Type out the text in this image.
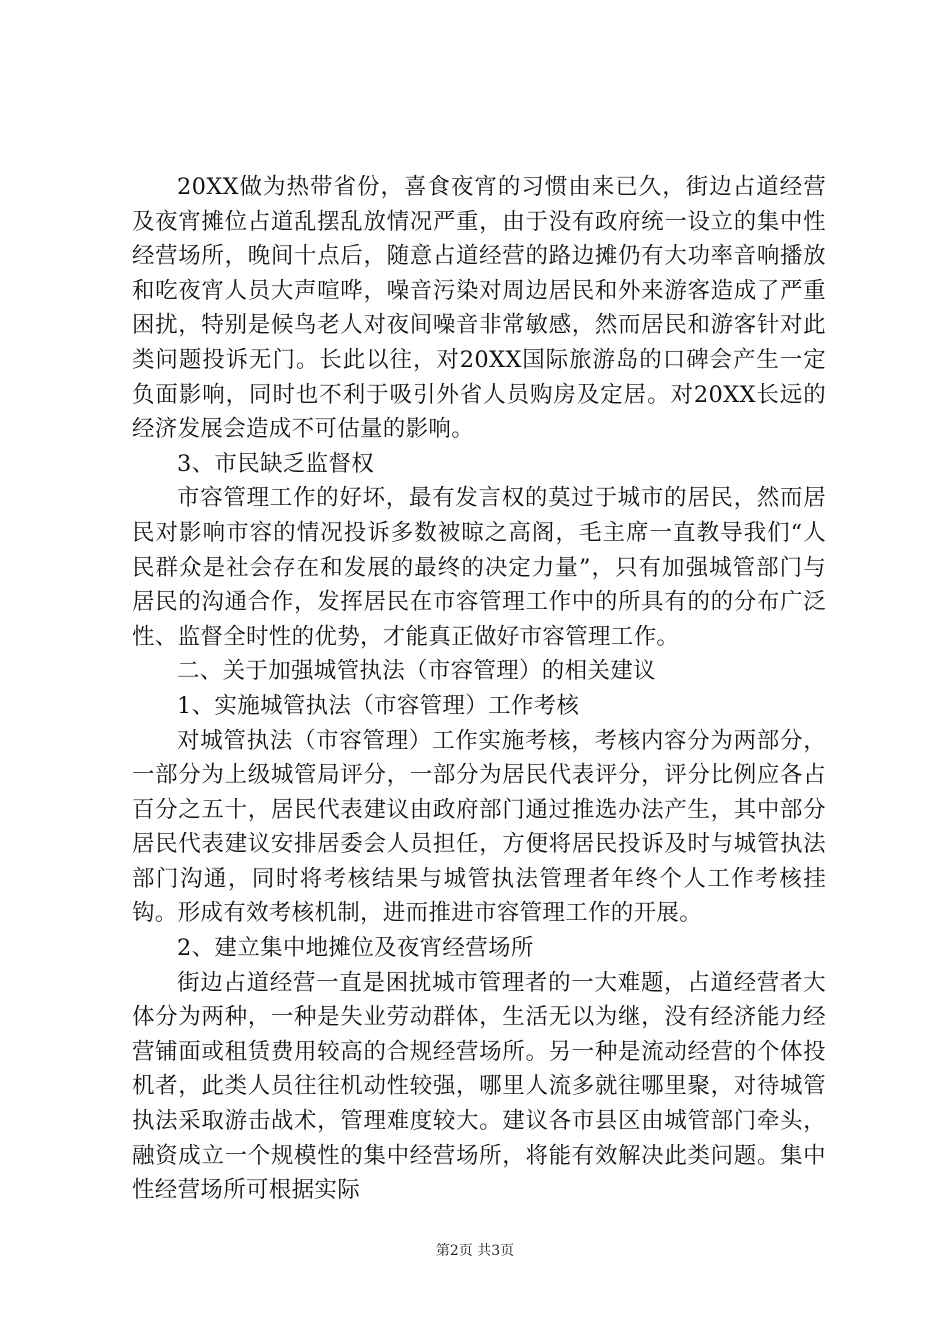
20XX做为热带省份，喜食夜宵的习惯由来已久，街边占道经营及夜宵摊位占道乱摆乱放情况严重，由于没有政府统一设立的集中性经营场所，晚间十点后，随意占道经营的路边摊仍有大功率音响播放和吃夜宵人员大声喧哗，噪音污染对周边居民和外来游客造成了严重困扰，特别是候鸟老人对夜间噪音非常敏感，然而居民和游客针对此类问题投诉无门。长此以往，对20XX国际旅游岛的口碑会产生一定负面影响，同时也不利于吸引外省人员购房及定居。对20XX长远的经济发展会造成不可估量的影响。

3、市民缺乏监督权

市容管理工作的好坏，最有发言权的莫过于城市的居民，然而居民对影响市容的情况投诉多数被晾之高阁，毛主席一直教导我们“人民群众是社会存在和发展的最终的决定力量”，只有加强城管部门与居民的沟通合作，发挥居民在市容管理工作中的所具有的的分布广泛性、监督全时性的优势，才能真正做好市容管理工作。

二、关于加强城管执法（市容管理）的相关建议

1、实施城管执法（市容管理）工作考核

对城管执法（市容管理）工作实施考核，考核内容分为两部分，一部分为上级城管局评分，一部分为居民代表评分，评分比例应各占百分之五十，居民代表建议由政府部门通过推选办法产生，其中部分居民代表建议安排居委会人员担任，方便将居民投诉及时与城管执法部门沟通，同时将考核结果与城管执法管理者年终个人工作考核挂钩。形成有效考核机制，进而推进市容管理工作的开展。

2、建立集中地摊位及夜宵经营场所

街边占道经营一直是困扰城市管理者的一大难题，占道经营者大体分为两种，一种是失业劳动群体，生活无以为继，没有经济能力经营铺面或租赁费用较高的合规经营场所。另一种是流动经营的个体投机者，此类人员往往机动性较强，哪里人流多就往哪里聚，对待城管执法采取游击战术，管理难度较大。建议各市县区由城管部门牵头，融资成立一个规模性的集中经营场所，将能有效解决此类问题。集中性经营场所可根据实际

第2页 共3页
